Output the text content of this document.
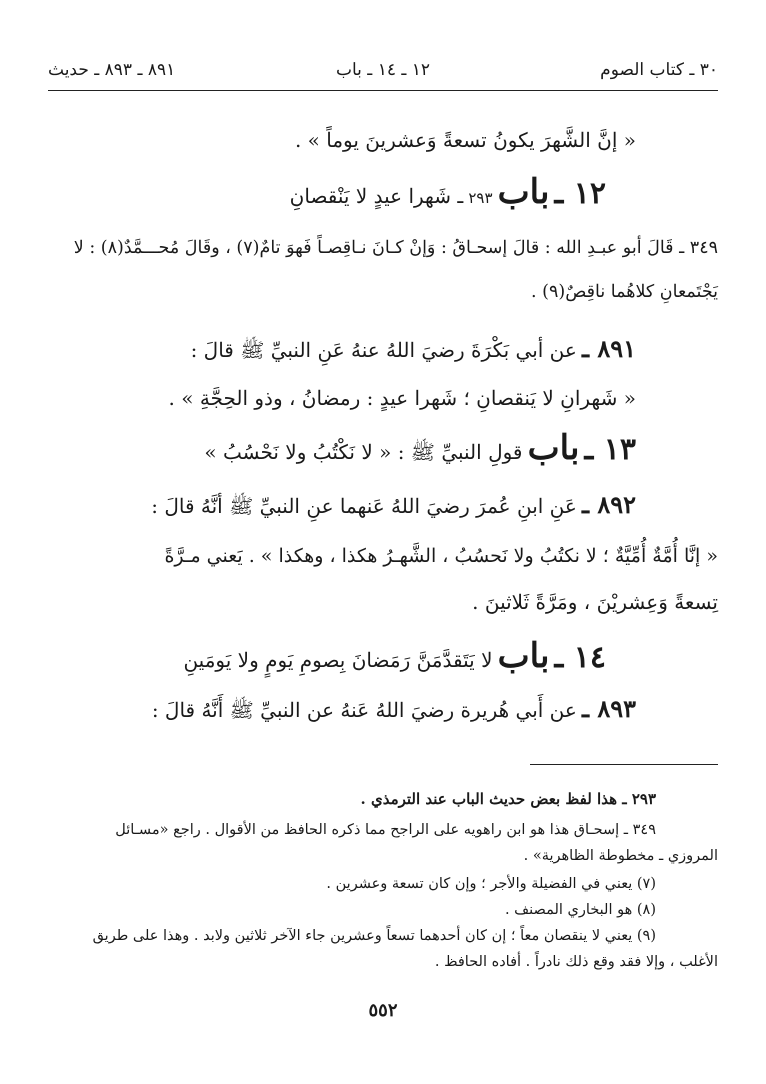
٣٠ ـ كتاب الصوم
١٢ ـ ١٤ ـ باب
٨٩١ ـ ٨٩٣ ـ حديث
« إنَّ الشَّهرَ يكونُ تسعةً وَعشرينَ يوماً » .
١٢ ـ باب ٢٩٣ ـ شَهرا عيدٍ لا يَنْقصانِ
٣٤٩ ـ قَالَ أبو عبـدِ الله : قالَ إسحـاقُ : وَإنْ كـانَ نـاقِصـاً فَهوَ تامٌ(٧) ، وقَالَ مُحـــمَّدٌ(٨) : لا
يَجْتَمعانِ كلاهُما ناقِصٌ(٩) .
٨٩١ ـ عن أبي بَكْرَةَ رضيَ اللهُ عنهُ عَنِ النبيِّ ﷺ قالَ :
« شَهرانِ لا يَنقصانِ ؛ شَهرا عيدٍ : رمضانُ ، وذو الحِجَّةِ » .
١٣ ـ باب قولِ النبيِّ ﷺ : « لا نَكْتُبُ ولا نَحْسُبُ »
٨٩٢ ـ عَنِ ابنِ عُمرَ رضيَ اللهُ عَنهما عنِ النبيِّ ﷺ أنَّهُ قالَ :
« إنَّا أُمَّةٌ أُمِّيَّةٌ ؛ لا نكتُبُ ولا نَحسُبُ ، الشَّهـرُ هكذا ، وهكذا » . يَعني مـرَّةً
تِسعةً وَعِشريْنَ ، ومَرَّةً ثَلاثينَ .
١٤ ـ باب لا يَتَقدَّمَنَّ رَمَضانَ بِصومِ يَومٍ ولا يَومَينِ
٨٩٣ ـ عن أَبي هُريرة رضيَ اللهُ عَنهُ عن النبيِّ ﷺ أَنَّهُ قالَ :
٢٩٣ ـ هذا لفظ بعض حديث الباب عند الترمذي .
٣٤٩ ـ إسحـاق هذا هو ابن راهويه على الراجح مما ذكره الحافظ من الأقوال . راجع «مسـائل
المروزي ـ مخطوطة الظاهرية» .
(٧) يعني في الفضيلة والأجر ؛ وإن كان تسعة وعشرين .
(٨) هو البخاري المصنف .
(٩) يعني لا ينقصان معاً ؛ إن كان أحدهما تسعاً وعشرين جاء الآخر ثلاثين ولابد . وهذا على طريق
الأغلب ، وإلا فقد وقع ذلك نادراً . أفاده الحافظ .
٥٥٢
